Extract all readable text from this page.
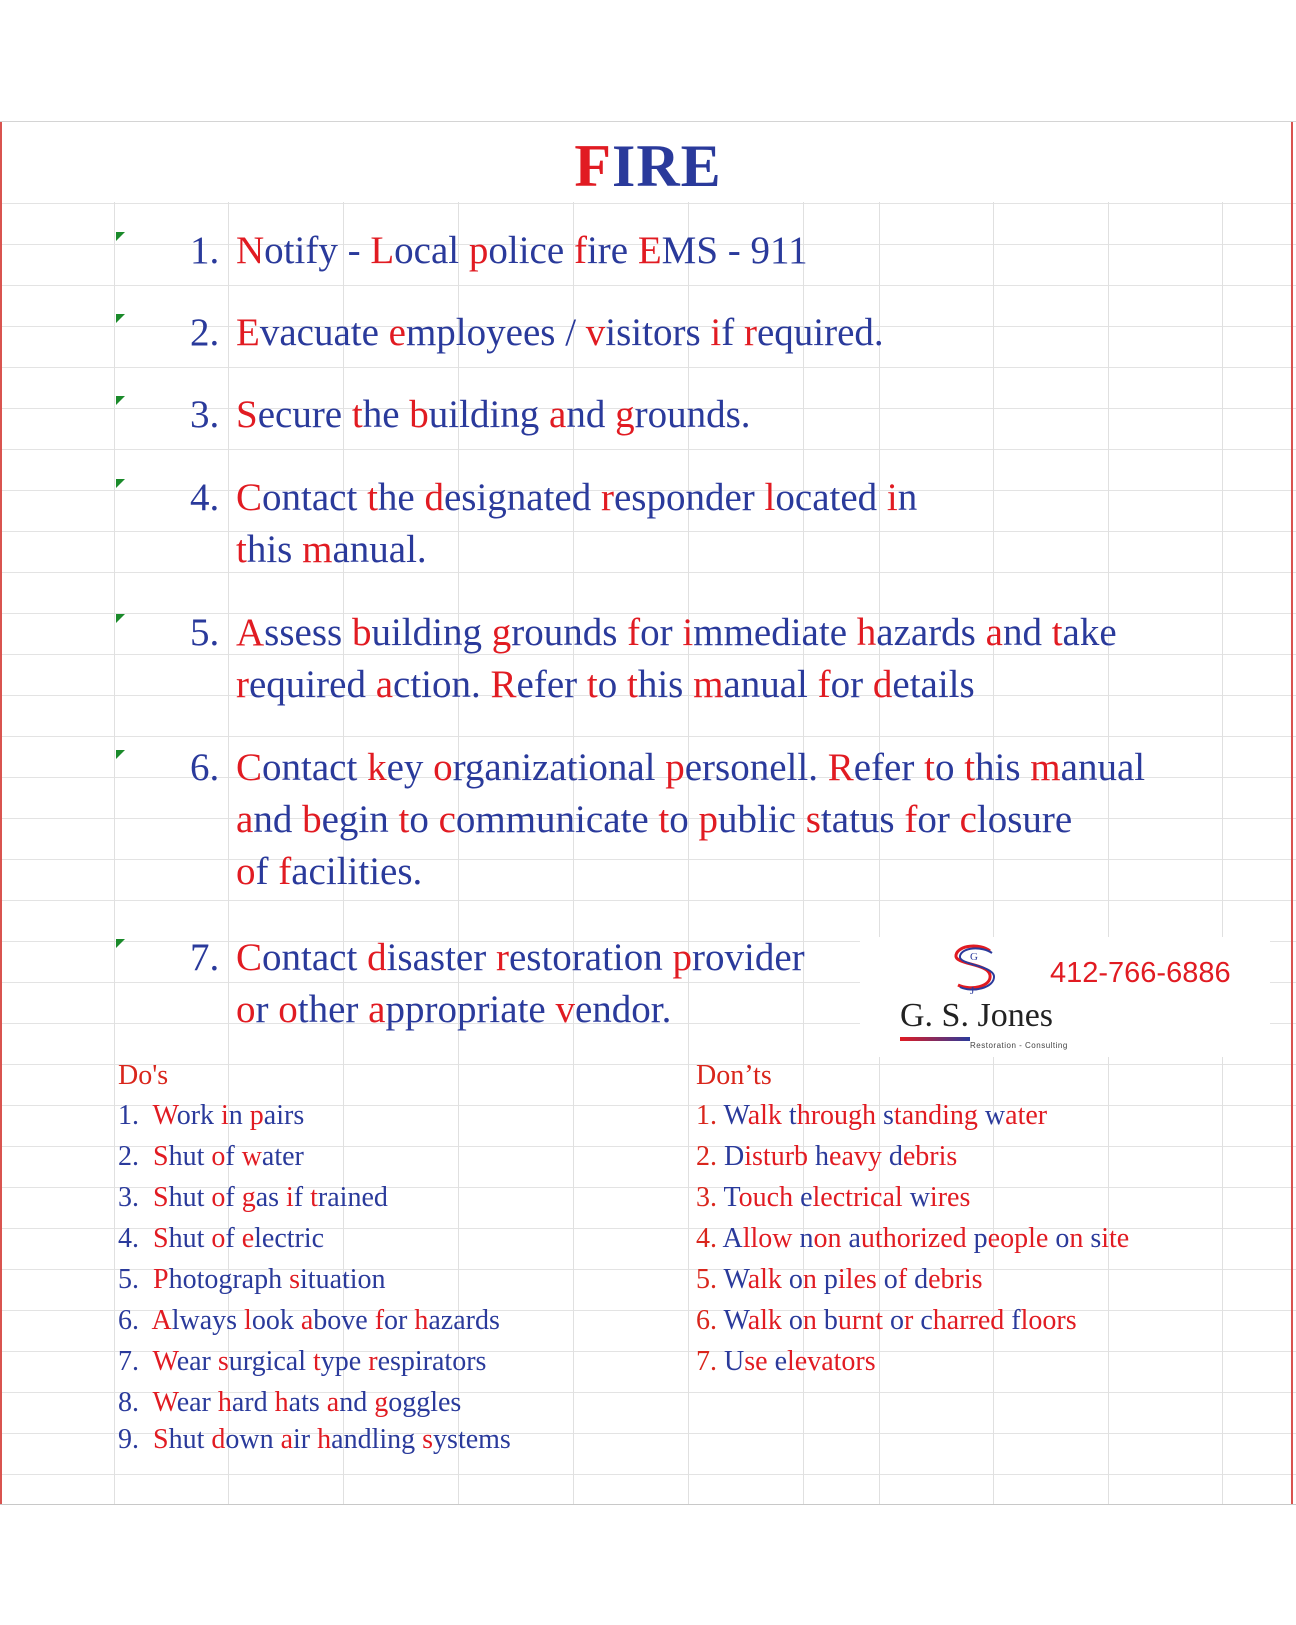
FIRE
1. Notify - Local police fire EMS - 911
2. Evacuate employees / visitors if required.
3. Secure the building and grounds.
4. Contact the designated responder located in
this manual.
5. Assess building grounds for immediate hazards and take
required action. Refer to this manual for details
6. Contact key organizational personell. Refer to this manual
and begin to communicate to public status for closure
of facilities.
7. Contact disaster restoration provider
or other appropriate vendor.
G
J
412-766-6886
G. S. Jones
Restoration - Consulting
Do's
1. Work in pairs
2. Shut of water
3. Shut of gas if trained
4. Shut of electric
5. Photograph situation
6. Always look above for hazards
7. Wear surgical type respirators
8. Wear hard hats and goggles
9. Shut down air handling systems
Don’ts
1. Walk through standing water
2. Disturb heavy debris
3. Touch electrical wires
4. Allow non authorized people on site
5. Walk on piles of debris
6. Walk on burnt or charred floors
7. Use elevators
